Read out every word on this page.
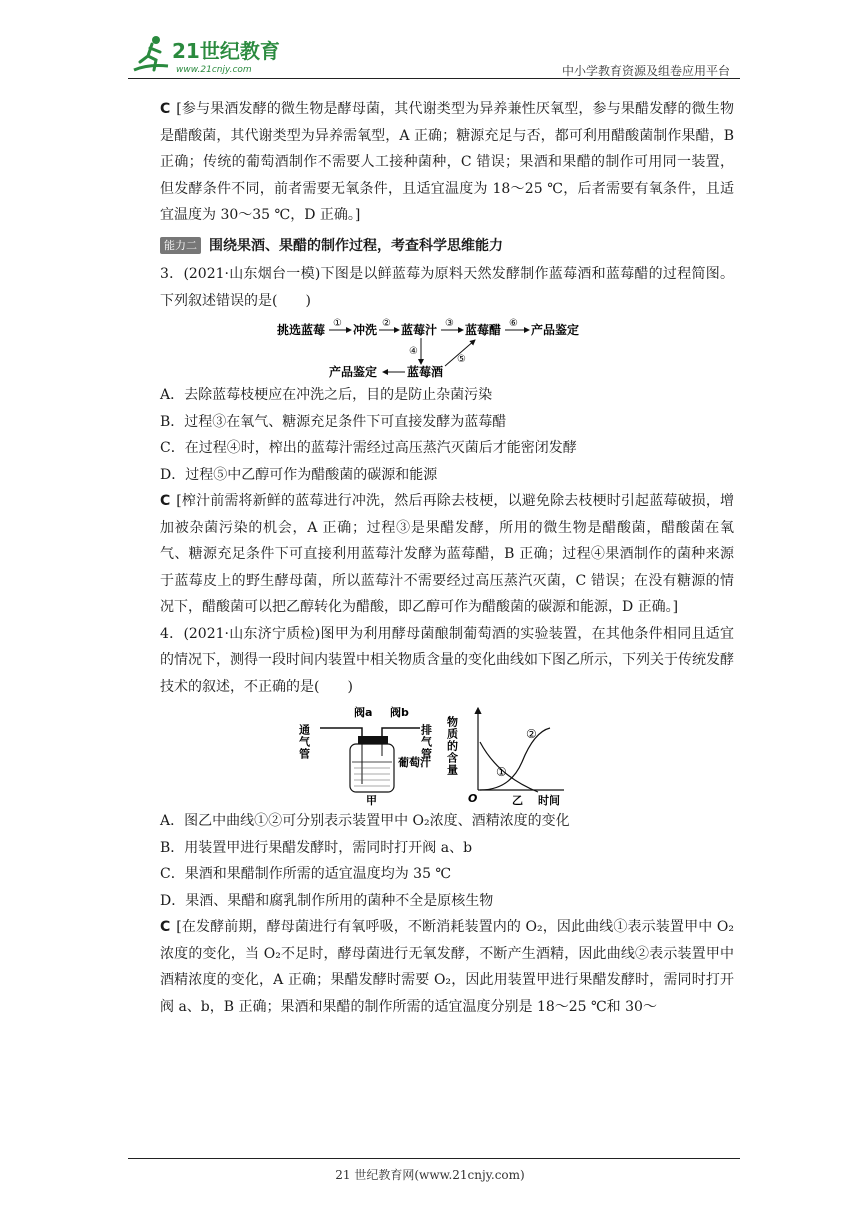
21世纪教育
www.21cnjy.com	中小学教育资源及组卷应用平台

C [参与果酒发酵的微生物是酵母菌，其代谢类型为异养兼性厌氧型，参与果醋发酵的微生物是醋酸菌，其代谢类型为异养需氧型，A 正确；糖源充足与否，都可利用醋酸菌制作果醋，B 正确；传统的葡萄酒制作不需要人工接种菌种，C 错误；果酒和果醋的制作可用同一装置，但发酵条件不同，前者需要无氧条件，且适宜温度为 18～25 ℃，后者需要有氧条件，且适宜温度为 30～35 ℃，D 正确。]

能力二 围绕果酒、果醋的制作过程，考查科学思维能力

3．(2021·山东烟台一模)下图是以鲜蓝莓为原料天然发酵制作蓝莓酒和蓝莓醋的过程简图。下列叙述错误的是(　　)

挑选蓝莓 ① 冲洗 ② 蓝莓汁 ③ 蓝莓醋 ⑥ 产品鉴定
④
产品鉴定 蓝莓酒
⑤

A．去除蓝莓枝梗应在冲洗之后，目的是防止杂菌污染

B．过程③在氧气、糖源充足条件下可直接发酵为蓝莓醋

C．在过程④时，榨出的蓝莓汁需经过高压蒸汽灭菌后才能密闭发酵

D．过程⑤中乙醇可作为醋酸菌的碳源和能源

C [榨汁前需将新鲜的蓝莓进行冲洗，然后再除去枝梗，以避免除去枝梗时引起蓝莓破损，增加被杂菌污染的机会，A 正确；过程③是果醋发酵，所用的微生物是醋酸菌，醋酸菌在氧气、糖源充足条件下可直接利用蓝莓汁发酵为蓝莓醋，B 正确；过程④果酒制作的菌种来源于蓝莓皮上的野生酵母菌，所以蓝莓汁不需要经过高压蒸汽灭菌，C 错误；在没有糖源的情况下，醋酸菌可以把乙醇转化为醋酸，即乙醇可作为醋酸菌的碳源和能源，D 正确。]

4．(2021·山东济宁质检)图甲为利用酵母菌酿制葡萄酒的实验装置，在其他条件相同且适宜的情况下，测得一段时间内装置中相关物质含量的变化曲线如下图乙所示，下列关于传统发酵技术的叙述，不正确的是(　　)

通气管
阀a 阀b
排气管
葡萄汁
甲
物质的含量
O	乙 时间
①
②

A．图乙中曲线①②可分别表示装置甲中 O₂浓度、酒精浓度的变化

B．用装置甲进行果醋发酵时，需同时打开阀 a、b

C．果酒和果醋制作所需的适宜温度均为 35 ℃

D．果酒、果醋和腐乳制作所用的菌种不全是原核生物

C [在发酵前期，酵母菌进行有氧呼吸，不断消耗装置内的 O₂，因此曲线①表示装置甲中 O₂浓度的变化，当 O₂不足时，酵母菌进行无氧发酵，不断产生酒精，因此曲线②表示装置甲中酒精浓度的变化，A 正确；果醋发酵时需要 O₂，因此用装置甲进行果醋发酵时，需同时打开阀 a、b，B 正确；果酒和果醋的制作所需的适宜温度分别是 18～25 ℃和 30～

21 世纪教育网(www.21cnjy.com)
